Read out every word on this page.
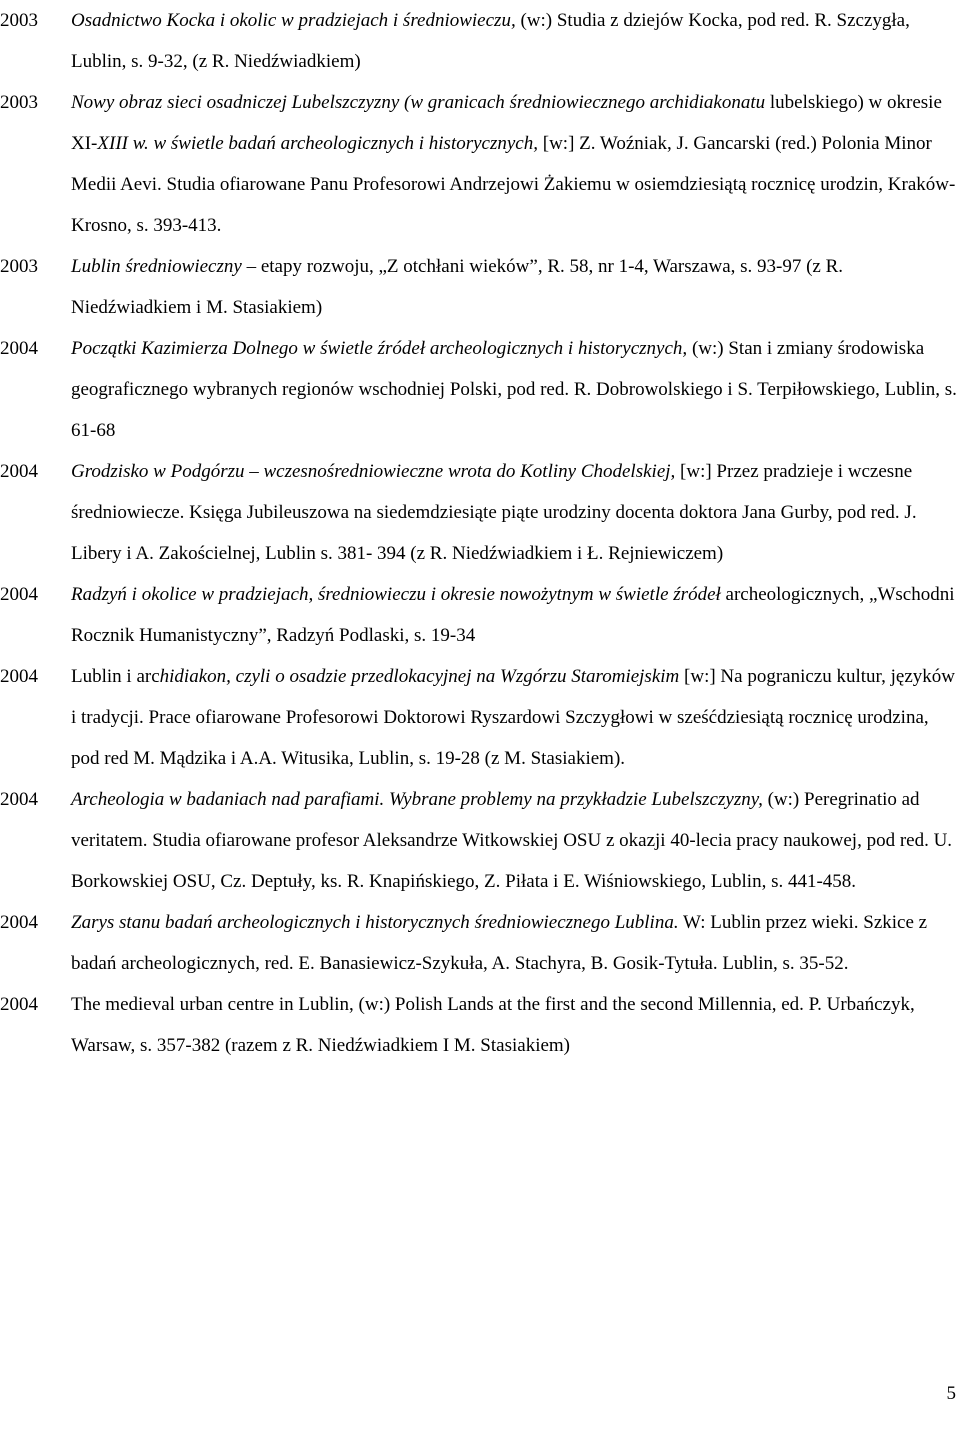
2003	Osadnictwo Kocka i okolic w pradziejach i średniowieczu, (w:) Studia z dziejów Kocka, pod red. R. Szczygła, Lublin, s. 9-32, (z R. Niedźwiadkiem)
2003	Nowy obraz sieci osadniczej Lubelszczyzny (w granicach średniowiecznego archidiakonatu lubelskiego) w okresie XI-XIII w. w świetle badań archeologicznych i historycznych, [w:] Z. Woźniak, J. Gancarski (red.) Polonia Minor Medii Aevi. Studia ofiarowane Panu Profesorowi Andrzejowi Żakiemu w osiemdziesiątą rocznicę urodzin, Kraków-Krosno, s. 393-413.
2003	Lublin średniowieczny – etapy rozwoju, „Z otchłani wieków”, R. 58, nr 1-4, Warszawa, s. 93-97 (z R. Niedźwiadkiem i M. Stasiakiem)
2004	Początki Kazimierza Dolnego w świetle źródeł archeologicznych i historycznych, (w:) Stan i zmiany środowiska geograficznego wybranych regionów wschodniej Polski, pod red. R. Dobrowolskiego i S. Terpiłowskiego, Lublin, s. 61-68
2004	Grodzisko w Podgórzu – wczesnośredniowieczne wrota do Kotliny Chodelskiej, [w:] Przez pradzieje i wczesne średniowiecze. Księga Jubileuszowa na siedemdziesiąte piąte urodziny docenta doktora Jana Gurby, pod red. J. Libery i A. Zakościelnej, Lublin s. 381- 394 (z R. Niedźwiadkiem i Ł. Rejniewiczem)
2004	Radzyń i okolice w pradziejach, średniowieczu i okresie nowożytnym w świetle źródeł archeologicznych, „Wschodni Rocznik Humanistyczny”, Radzyń Podlaski, s. 19-34
2004	Lublin i archidiakon, czyli o osadzie przedlokacyjnej na Wzgórzu Staromiejskim [w:] Na pograniczu kultur, języków i tradycji. Prace ofiarowane Profesorowi Doktorowi Ryszardowi Szczygłowi w sześćdziesiątą rocznicę urodzina, pod red M. Mądzika i A.A. Witusika, Lublin, s. 19-28 (z M. Stasiakiem).
2004	Archeologia w badaniach nad parafiami. Wybrane problemy na przykładzie Lubelszczyzny, (w:) Peregrinatio ad veritatem. Studia ofiarowane profesor Aleksandrze Witkowskiej OSU z okazji 40-lecia pracy naukowej, pod red. U. Borkowskiej OSU, Cz. Deptuły, ks. R. Knapińskiego, Z. Piłata i E. Wiśniowskiego, Lublin, s. 441-458.
2004	Zarys stanu badań archeologicznych i historycznych średniowiecznego Lublina. W: Lublin przez wieki. Szkice z badań archeologicznych, red. E. Banasiewicz-Szykuła, A. Stachyra, B. Gosik-Tytuła. Lublin, s. 35-52.
2004	The medieval urban centre in Lublin, (w:) Polish Lands at the first and the second Millennia, ed. P. Urbańczyk, Warsaw, s. 357-382 (razem z R. Niedźwiadkiem I M. Stasiakiem)
5
